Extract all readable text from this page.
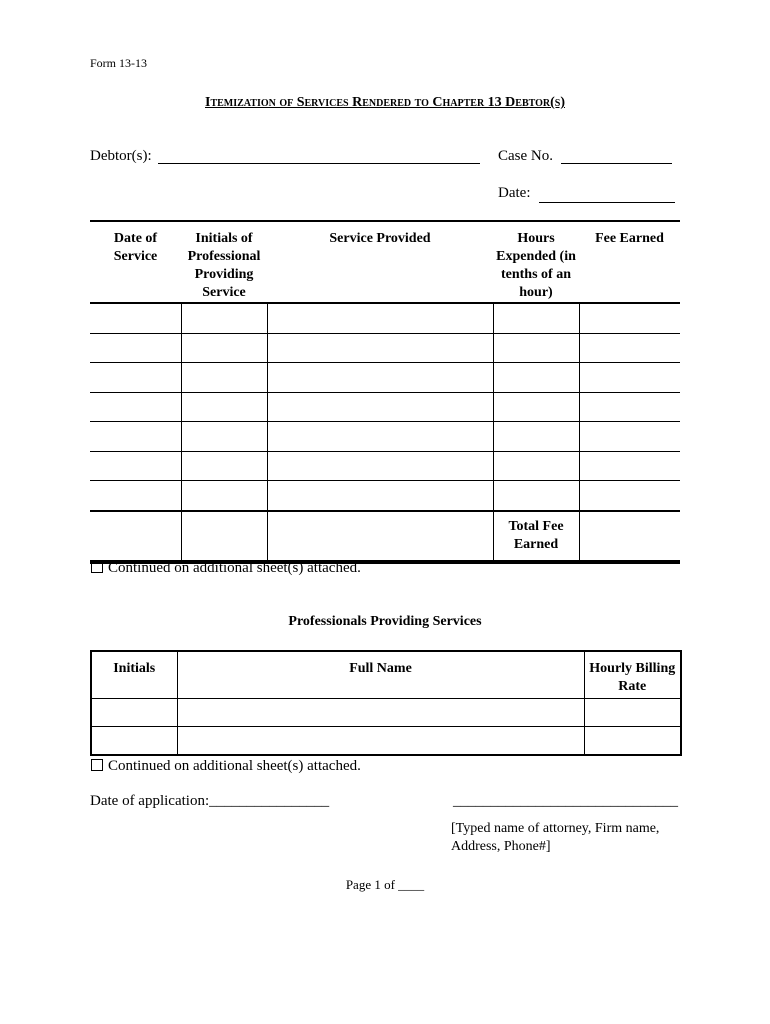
Form 13-13
Itemization of Services Rendered to Chapter 13 Debtor(s)
Debtor(s):	Case No.
Date:
Date of Service	Initials of Professional Providing Service	Service Provided	Hours Expended (in tenths of an hour)	Fee Earned

			Total Fee Earned	
Continued on additional sheet(s) attached.
Professionals Providing Services
Initials	Full Name	Hourly Billing Rate

Continued on additional sheet(s) attached.
Date of application:________________	______________________________
[Typed name of attorney, Firm name,
Address, Phone#]
Page 1 of ____
